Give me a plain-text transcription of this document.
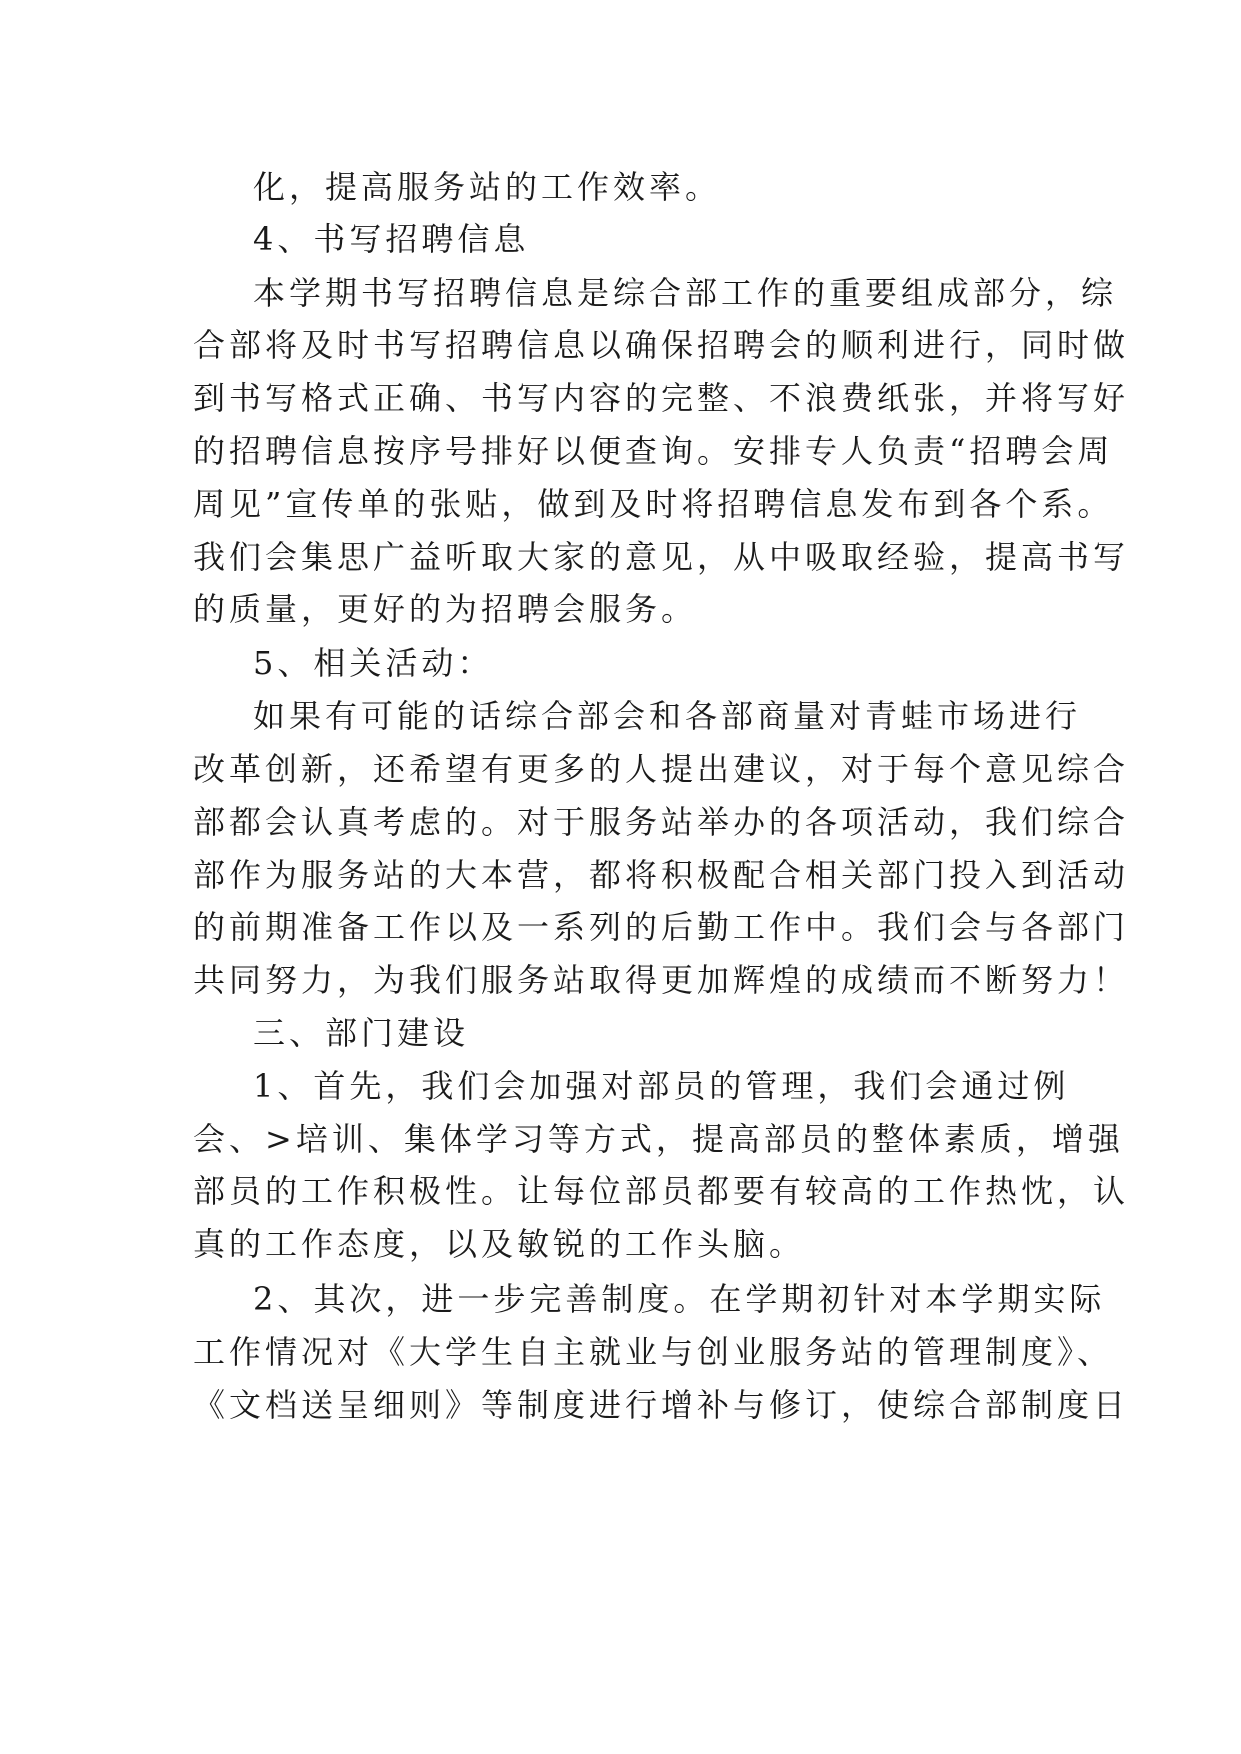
化，提高服务站的工作效率。
4、书写招聘信息
本学期书写招聘信息是综合部工作的重要组成部分，综
合部将及时书写招聘信息以确保招聘会的顺利进行，同时做
到书写格式正确、书写内容的完整、不浪费纸张，并将写好
的招聘信息按序号排好以便查询。安排专人负责“招聘会周
周见”宣传单的张贴，做到及时将招聘信息发布到各个系。
我们会集思广益听取大家的意见，从中吸取经验，提高书写
的质量，更好的为招聘会服务。
5、相关活动：
如果有可能的话综合部会和各部商量对青蛙市场进行
改革创新，还希望有更多的人提出建议，对于每个意见综合
部都会认真考虑的。对于服务站举办的各项活动，我们综合
部作为服务站的大本营，都将积极配合相关部门投入到活动
的前期准备工作以及一系列的后勤工作中。我们会与各部门
共同努力，为我们服务站取得更加辉煌的成绩而不断努力！
三、部门建设
1、首先，我们会加强对部员的管理，我们会通过例
会、>培训、集体学习等方式，提高部员的整体素质，增强
部员的工作积极性。让每位部员都要有较高的工作热忱，认
真的工作态度，以及敏锐的工作头脑。
2、其次，进一步完善制度。在学期初针对本学期实际
工作情况对《大学生自主就业与创业服务站的管理制度》、
《文档送呈细则》等制度进行增补与修订，使综合部制度日
